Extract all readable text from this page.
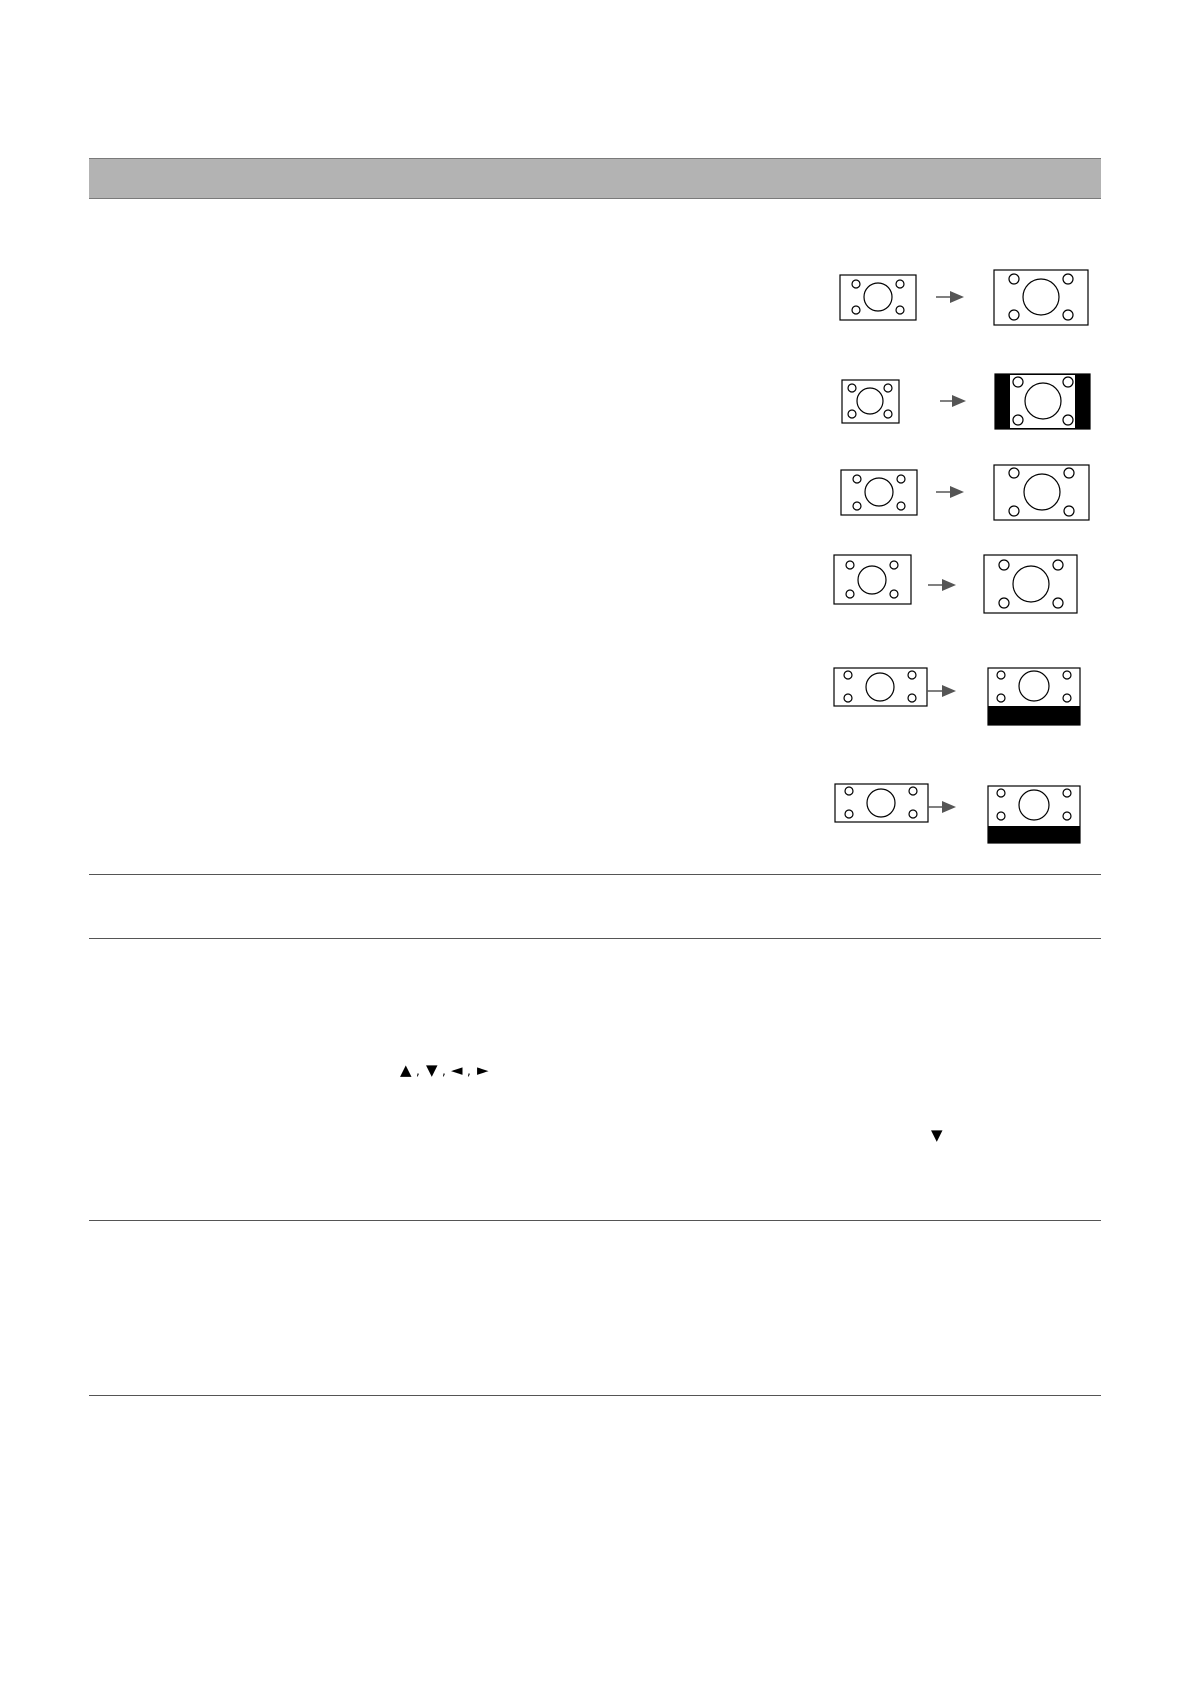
▲ , ▼ , ◄ , ►
▼
